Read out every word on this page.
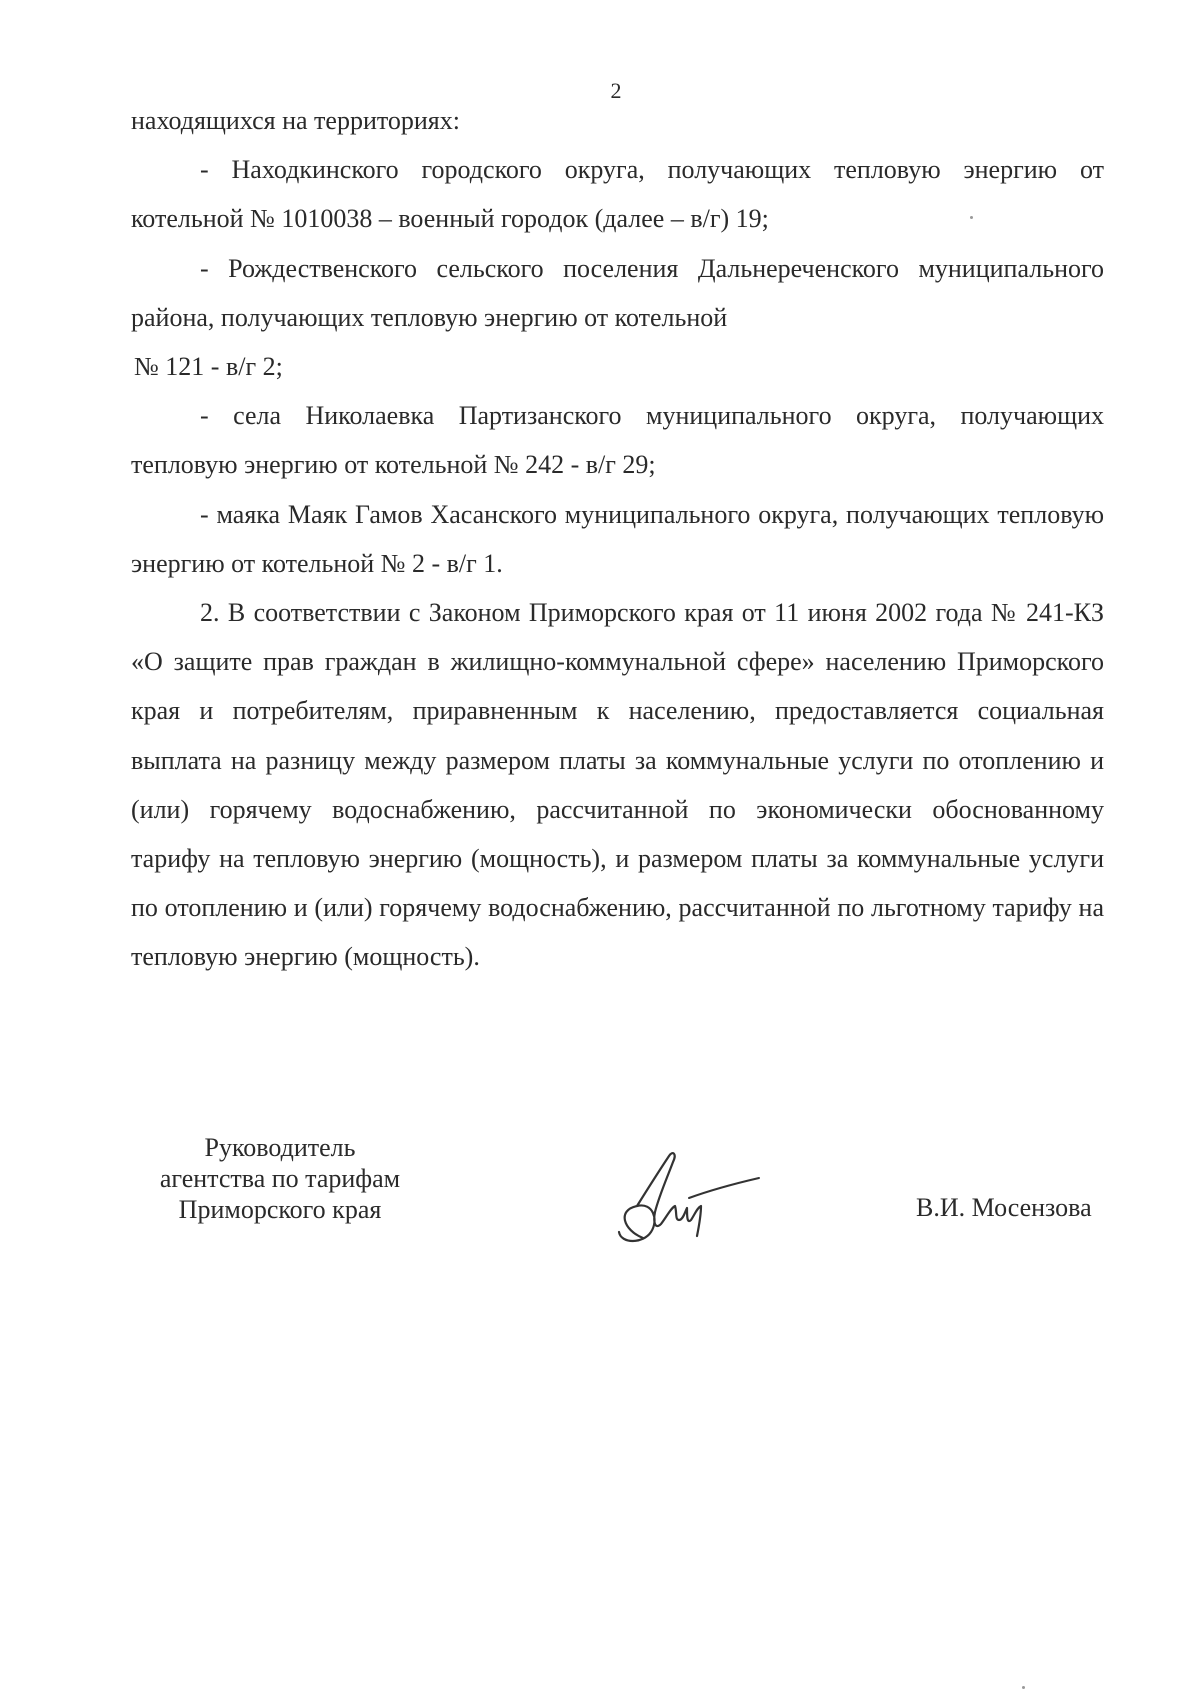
2

находящихся на территориях:

- Находкинского городского округа, получающих тепловую энергию от котельной № 1010038 – военный городок (далее – в/г) 19;

- Рождественского сельского поселения Дальнереченского муниципального района, получающих тепловую энергию от котельной

№ 121 - в/г 2;

- села Николаевка Партизанского муниципального округа, получающих тепловую энергию от котельной № 242 - в/г 29;

- маяка Маяк Гамов Хасанского муниципального округа, получающих тепловую энергию от котельной № 2 - в/г 1.

2. В соответствии с Законом Приморского края от 11 июня 2002 года № 241-КЗ «О защите прав граждан в жилищно-коммунальной сфере» населению Приморского края и потребителям, приравненным к населению, предоставляется социальная выплата на разницу между размером платы за коммунальные услуги по отоплению и (или) горячему водоснабжению, рассчитанной по экономически обоснованному тарифу на тепловую энергию (мощность), и размером платы за коммунальные услуги по отоплению и (или) горячему водоснабжению, рассчитанной по льготному тарифу на тепловую энергию (мощность).

Руководитель
агентства по тарифам
Приморского края	В.И. Мосензова
